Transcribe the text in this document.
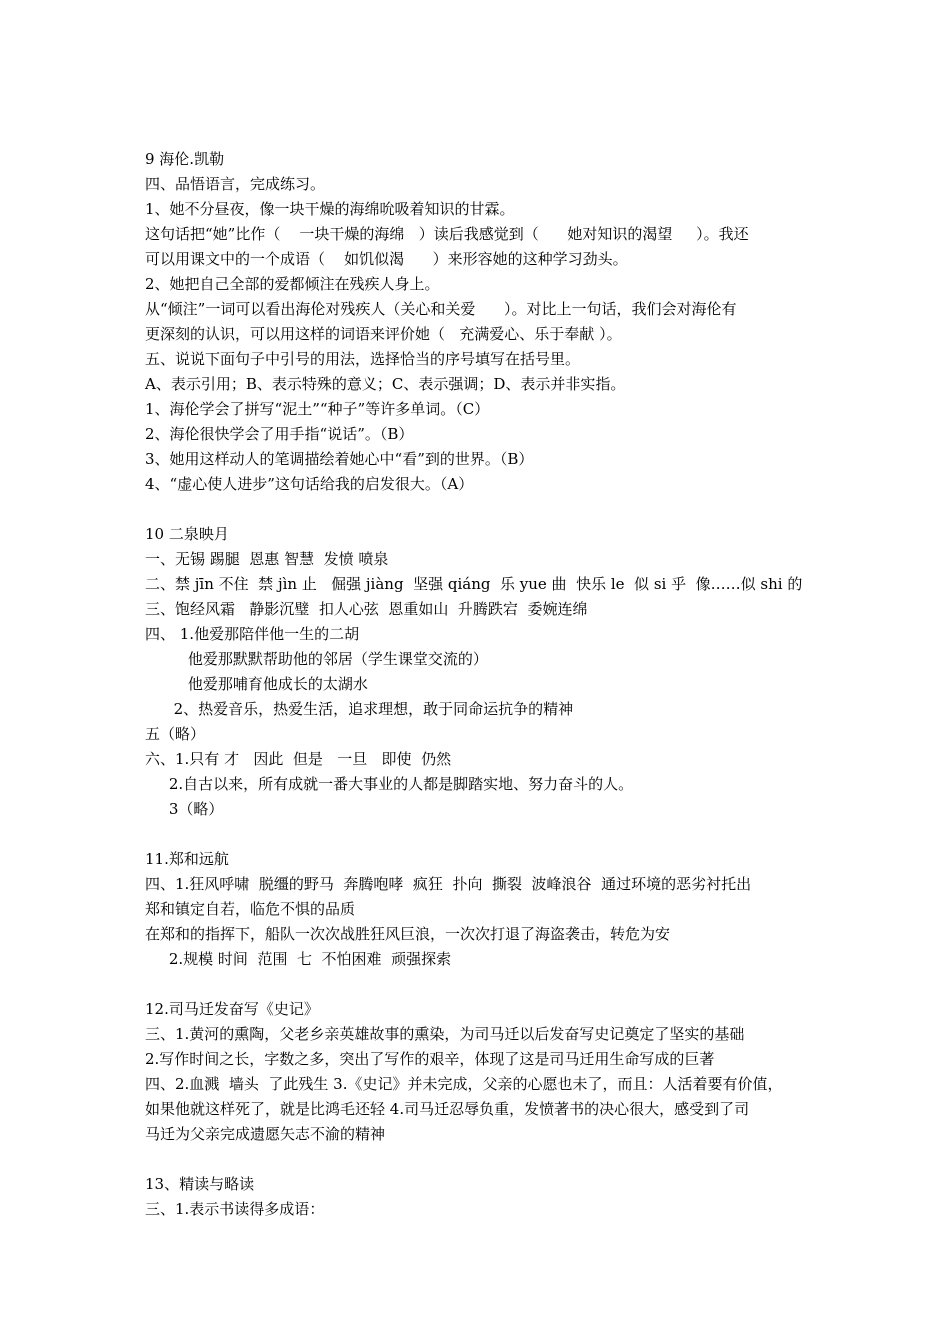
9 海伦.凯勒
四、品悟语言，完成练习。
1、她不分昼夜，像一块干燥的海绵吮吸着知识的甘霖。
这句话把“她”比作（    一块干燥的海绵   ）读后我感觉到（      她对知识的渴望     ）。我还
可以用课文中的一个成语（    如饥似渴      ）来形容她的这种学习劲头。
2、她把自己全部的爱都倾注在残疾人身上。
从“倾注”一词可以看出海伦对残疾人（关心和关爱      ）。对比上一句话，我们会对海伦有
更深刻的认识，可以用这样的词语来评价她（   充满爱心、乐于奉献 ）。
五、说说下面句子中引号的用法，选择恰当的序号填写在括号里。
A、表示引用；B、表示特殊的意义；C、表示强调；D、表示并非实指。
1、海伦学会了拼写“泥土”“种子”等许多单词。（C）
2、海伦很快学会了用手指“说话”。（B）
3、她用这样动人的笔调描绘着她心中“看”到的世界。（B）
4、“虚心使人进步”这句话给我的启发很大。（A）
10 二泉映月
一、无锡 踢腿  恩惠 智慧  发愤 喷泉
二、禁 jīn 不住  禁 jìn 止   倔强 jiàng  坚强 qiáng  乐 yue 曲  快乐 le  似 si 乎  像……似 shi 的
三、饱经风霜   静影沉璧  扣人心弦  恩重如山  升腾跌宕  委婉连绵
四、 1.他爱那陪伴他一生的二胡
他爱那默默帮助他的邻居（学生课堂交流的）
他爱那哺育他成长的太湖水
2、热爱音乐，热爱生活，追求理想，敢于同命运抗争的精神
五（略）
六、1.只有 才   因此  但是   一旦   即使  仍然
2.自古以来，所有成就一番大事业的人都是脚踏实地、努力奋斗的人。
3（略）
11.郑和远航
四、1.狂风呼啸  脱缰的野马  奔腾咆哮  疯狂  扑向  撕裂  波峰浪谷  通过环境的恶劣衬托出
郑和镇定自若，临危不惧的品质
在郑和的指挥下，船队一次次战胜狂风巨浪，一次次打退了海盗袭击，转危为安
2.规模 时间  范围  七  不怕困难  顽强探索
12.司马迁发奋写《史记》
三、1.黄河的熏陶，父老乡亲英雄故事的熏染，为司马迁以后发奋写史记奠定了坚实的基础
2.写作时间之长，字数之多，突出了写作的艰辛，体现了这是司马迁用生命写成的巨著
四、2.血溅  墙头  了此残生 3.《史记》并未完成，父亲的心愿也未了，而且：人活着要有价值，
如果他就这样死了，就是比鸿毛还轻 4.司马迁忍辱负重，发愤著书的决心很大，感受到了司
马迁为父亲完成遗愿矢志不渝的精神
13、精读与略读
三、1.表示书读得多成语：
